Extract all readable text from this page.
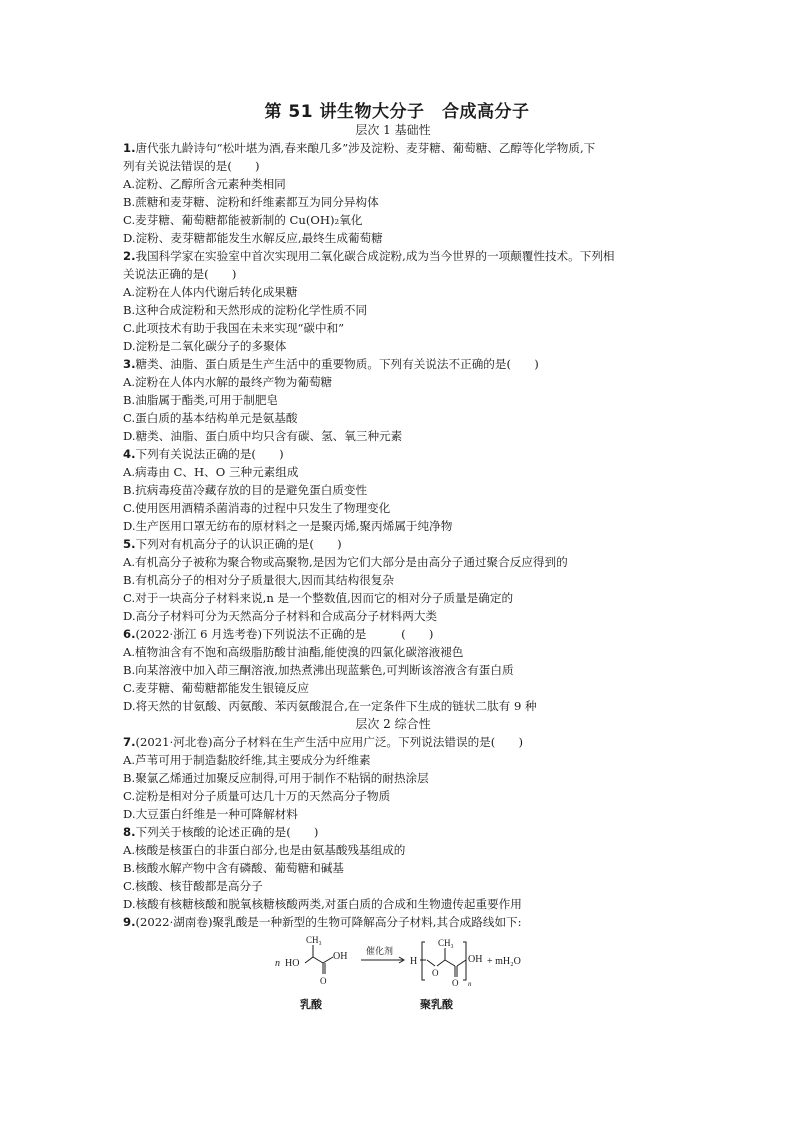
第 51 讲生物大分子　合成高分子
层次 1 基础性
1.唐代张九龄诗句“松叶堪为酒,春来酿几多”涉及淀粉、麦芽糖、葡萄糖、乙醇等化学物质,下
列有关说法错误的是(　　)
A.淀粉、乙醇所含元素种类相同
B.蔗糖和麦芽糖、淀粉和纤维素都互为同分异构体
C.麦芽糖、葡萄糖都能被新制的 Cu(OH)₂氧化
D.淀粉、麦芽糖都能发生水解反应,最终生成葡萄糖
2.我国科学家在实验室中首次实现用二氧化碳合成淀粉,成为当今世界的一项颠覆性技术。下列相
关说法正确的是(　　)
A.淀粉在人体内代谢后转化成果糖
B.这种合成淀粉和天然形成的淀粉化学性质不同
C.此项技术有助于我国在未来实现“碳中和”
D.淀粉是二氧化碳分子的多聚体
3.糖类、油脂、蛋白质是生产生活中的重要物质。下列有关说法不正确的是(　　)
A.淀粉在人体内水解的最终产物为葡萄糖
B.油脂属于酯类,可用于制肥皂
C.蛋白质的基本结构单元是氨基酸
D.糖类、油脂、蛋白质中均只含有碳、氢、氧三种元素
4.下列有关说法正确的是(　　)
A.病毒由 C、H、O 三种元素组成
B.抗病毒疫苗冷藏存放的目的是避免蛋白质变性
C.使用医用酒精杀菌消毒的过程中只发生了物理变化
D.生产医用口罩无纺布的原材料之一是聚丙烯,聚丙烯属于纯净物
5.下列对有机高分子的认识正确的是(　　)
A.有机高分子被称为聚合物或高聚物,是因为它们大部分是由高分子通过聚合反应得到的
B.有机高分子的相对分子质量很大,因而其结构很复杂
C.对于一块高分子材料来说,n 是一个整数值,因而它的相对分子质量是确定的
D.高分子材料可分为天然高分子材料和合成高分子材料两大类
6.(2022·浙江 6 月选考卷)下列说法不正确的是　　　(　　)
A.植物油含有不饱和高级脂肪酸甘油酯,能使溴的四氯化碳溶液褪色
B.向某溶液中加入茚三酮溶液,加热煮沸出现蓝紫色,可判断该溶液含有蛋白质
C.麦芽糖、葡萄糖都能发生银镜反应
D.将天然的甘氨酸、丙氨酸、苯丙氨酸混合,在一定条件下生成的链状二肽有 9 种
层次 2 综合性
7.(2021·河北卷)高分子材料在生产生活中应用广泛。下列说法错误的是(　　)
A.芦苇可用于制造黏胶纤维,其主要成分为纤维素
B.聚氯乙烯通过加聚反应制得,可用于制作不粘锅的耐热涂层
C.淀粉是相对分子质量可达几十万的天然高分子物质
D.大豆蛋白纤维是一种可降解材料
8.下列关于核酸的论述正确的是(　　)
A.核酸是核蛋白的非蛋白部分,也是由氨基酸残基组成的
B.核酸水解产物中含有磷酸、葡萄糖和碱基
C.核酸、核苷酸都是高分子
D.核酸有核糖核酸和脱氧核糖核酸两类,对蛋白质的合成和生物遗传起重要作用
9.(2022·湖南卷)聚乳酸是一种新型的生物可降解高分子材料,其合成路线如下:
n HO
CH₃
OH
O
催化剂
H
O
CH₃
O
OH
n
+ mH₂O
乳酸	聚乳酸
